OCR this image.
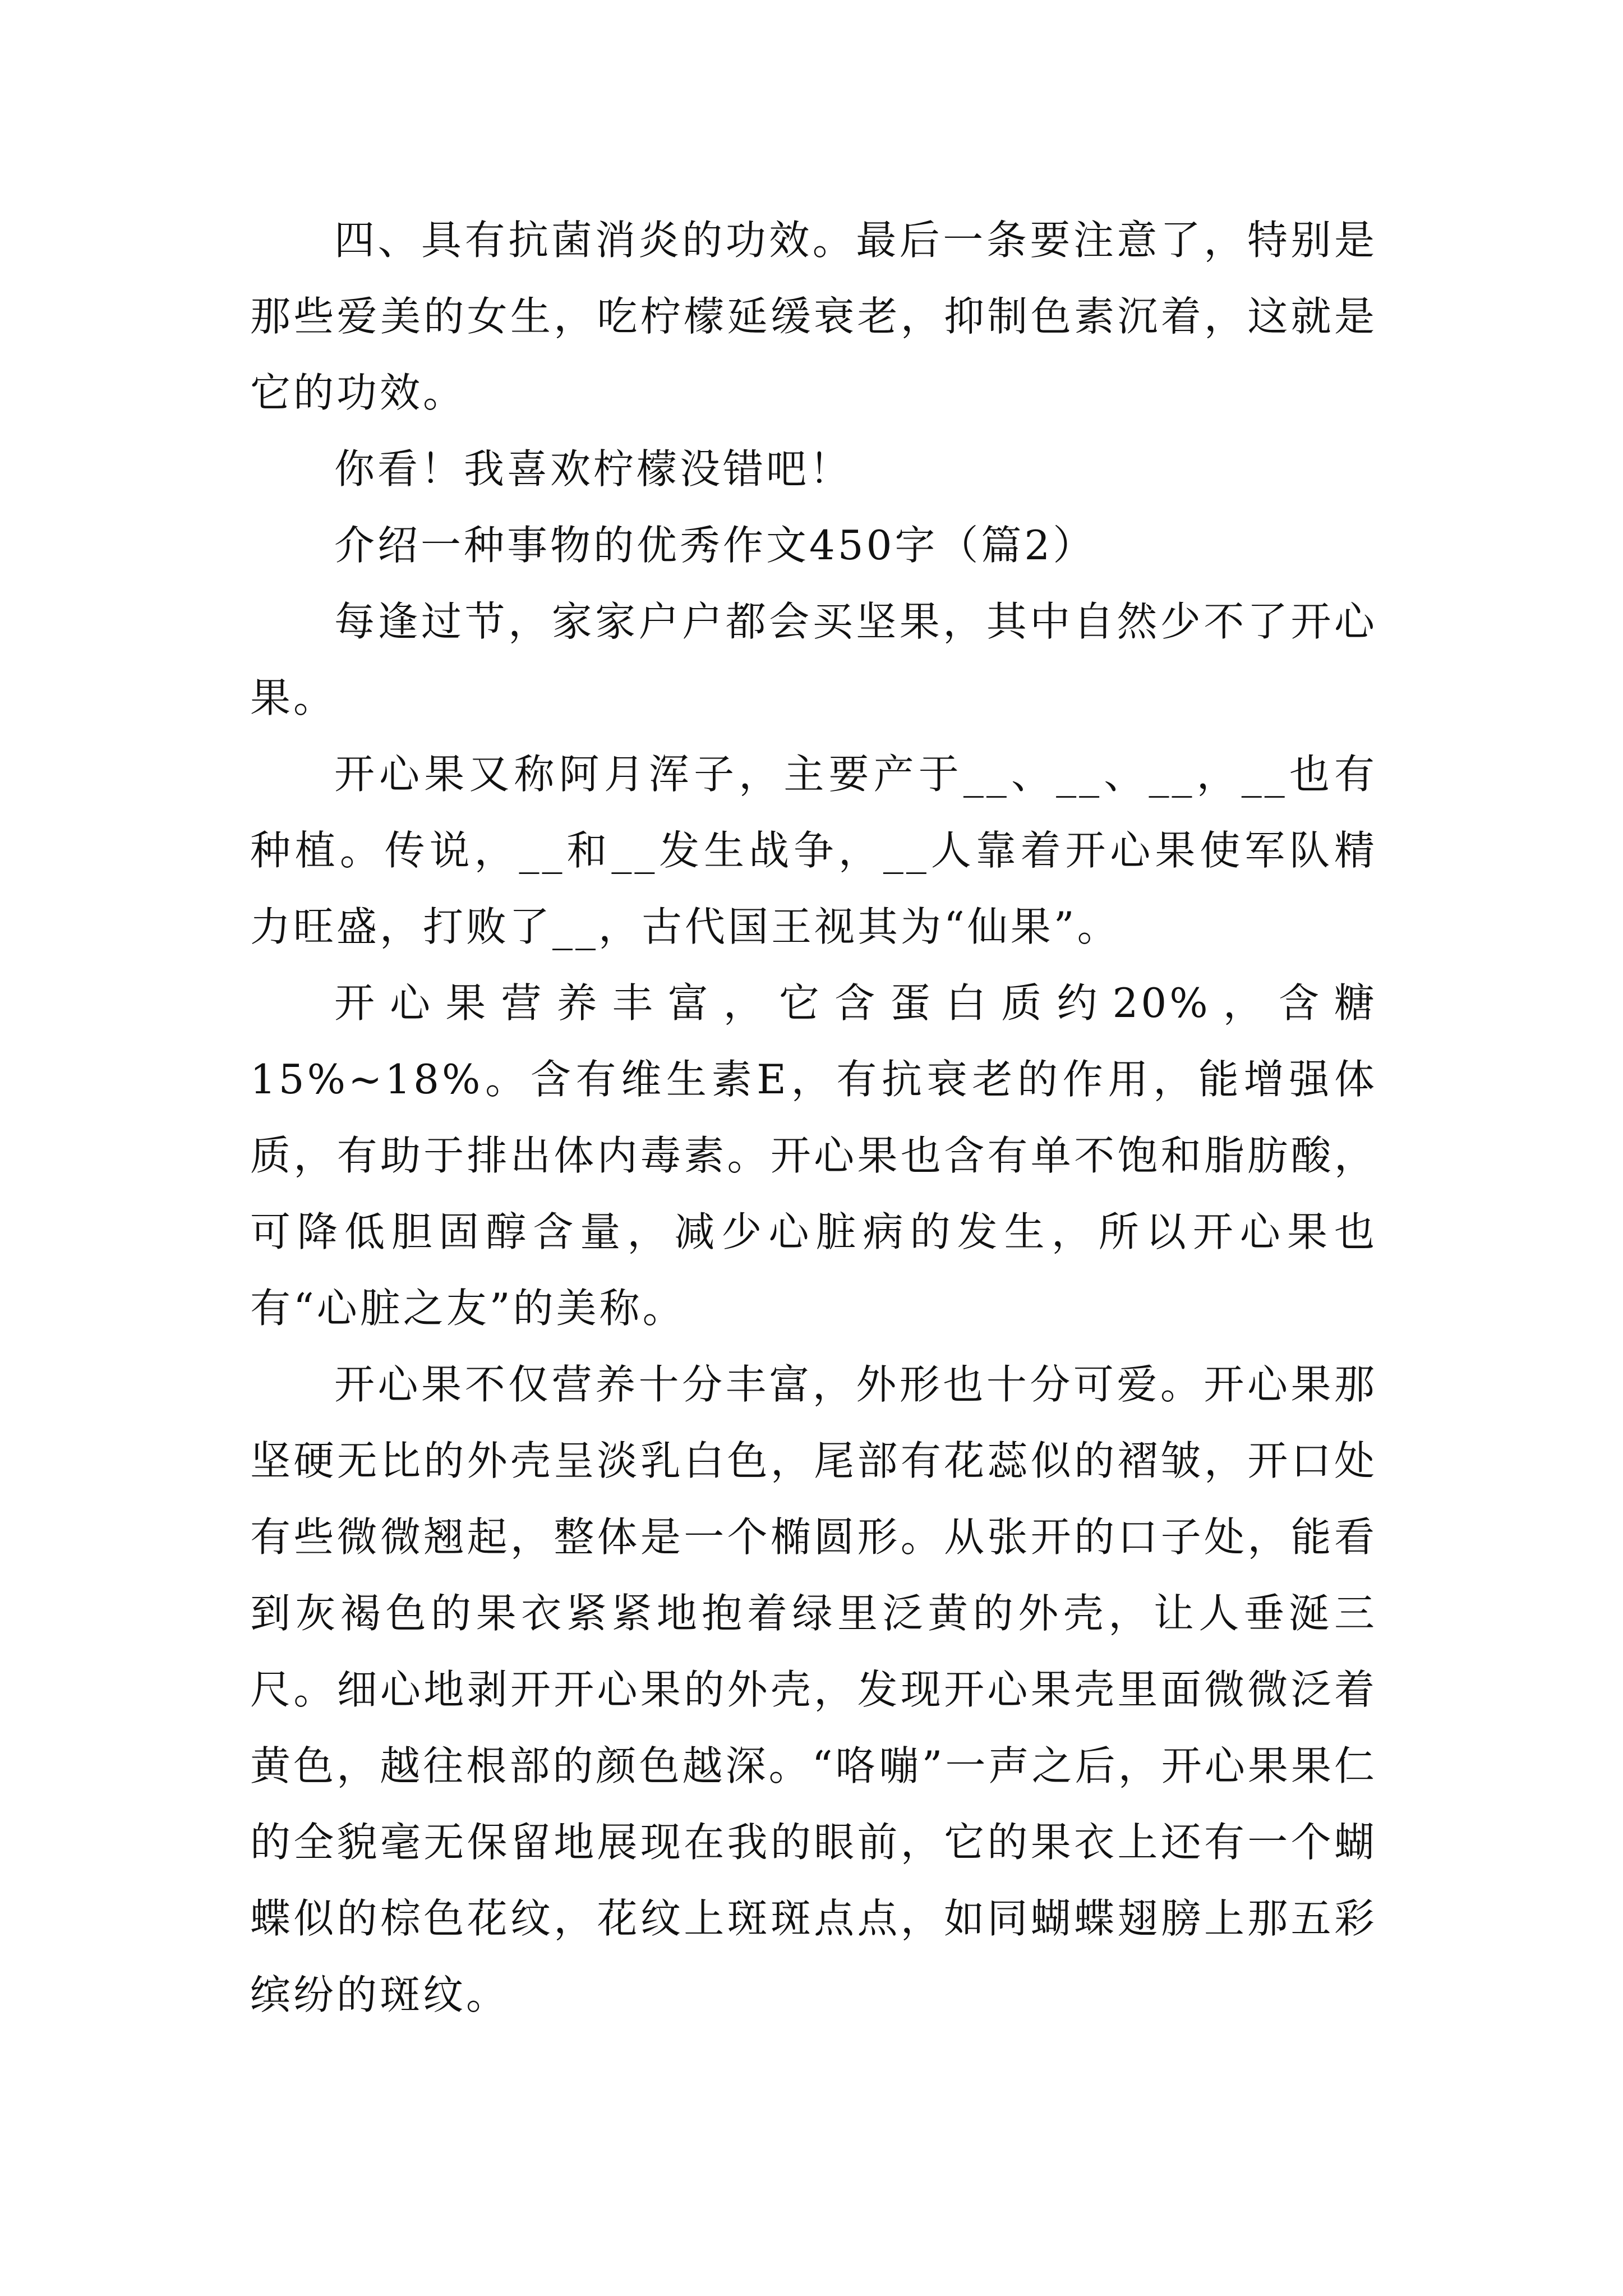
四、具有抗菌消炎的功效。最后一条要注意了，特别是那些爱美的女生，吃柠檬延缓衰老，抑制色素沉着，这就是它的功效。

你看！我喜欢柠檬没错吧！

介绍一种事物的优秀作文450字（篇2）

每逢过节，家家户户都会买坚果，其中自然少不了开心果。

开心果又称阿月浑子，主要产于__、__、__，__也有种植。传说，__和__发生战争，__人靠着开心果使军队精力旺盛，打败了__，古代国王视其为“仙果”。

开心果营养丰富，它含蛋白质约20%，含糖15%~18%。含有维生素E，有抗衰老的作用，能增强体质，有助于排出体内毒素。开心果也含有单不饱和脂肪酸，可降低胆固醇含量，减少心脏病的发生，所以开心果也有“心脏之友”的美称。

开心果不仅营养十分丰富，外形也十分可爱。开心果那坚硬无比的外壳呈淡乳白色，尾部有花蕊似的褶皱，开口处有些微微翘起，整体是一个椭圆形。从张开的口子处，能看到灰褐色的果衣紧紧地抱着绿里泛黄的外壳，让人垂涎三尺。细心地剥开开心果的外壳，发现开心果壳里面微微泛着黄色，越往根部的颜色越深。“咯嘣”一声之后，开心果果仁的全貌毫无保留地展现在我的眼前，它的果衣上还有一个蝴蝶似的棕色花纹，花纹上斑斑点点，如同蝴蝶翅膀上那五彩缤纷的斑纹。
